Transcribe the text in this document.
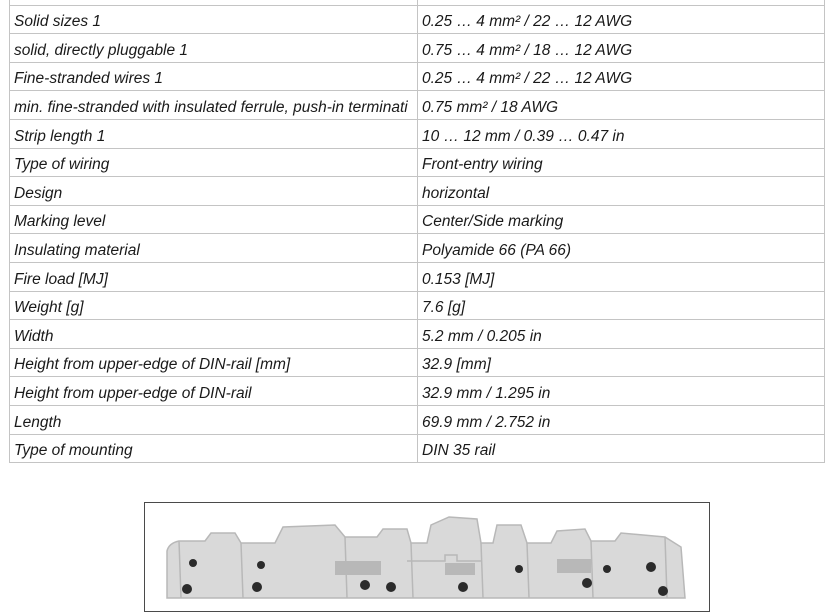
Solid sizes 1	0.25 … 4 mm² / 22 … 12 AWG
solid, directly pluggable 1	0.75 … 4 mm² / 18 … 12 AWG
Fine-stranded wires 1	0.25 … 4 mm² / 22 … 12 AWG
min. fine-stranded with insulated ferrule, push-in terminati	0.75 mm² / 18 AWG
Strip length 1	10 … 12 mm / 0.39 … 0.47 in
Type of wiring	Front-entry wiring
Design	horizontal
Marking level	Center/Side marking
Insulating material	Polyamide 66 (PA 66)
Fire load [MJ]	0.153 [MJ]
Weight [g]	7.6 [g]
Width	5.2 mm / 0.205 in
Height from upper-edge of DIN-rail [mm]	32.9 [mm]
Height from upper-edge of DIN-rail	32.9 mm / 1.295 in
Length	69.9 mm / 2.752 in
Type of mounting	DIN 35 rail
